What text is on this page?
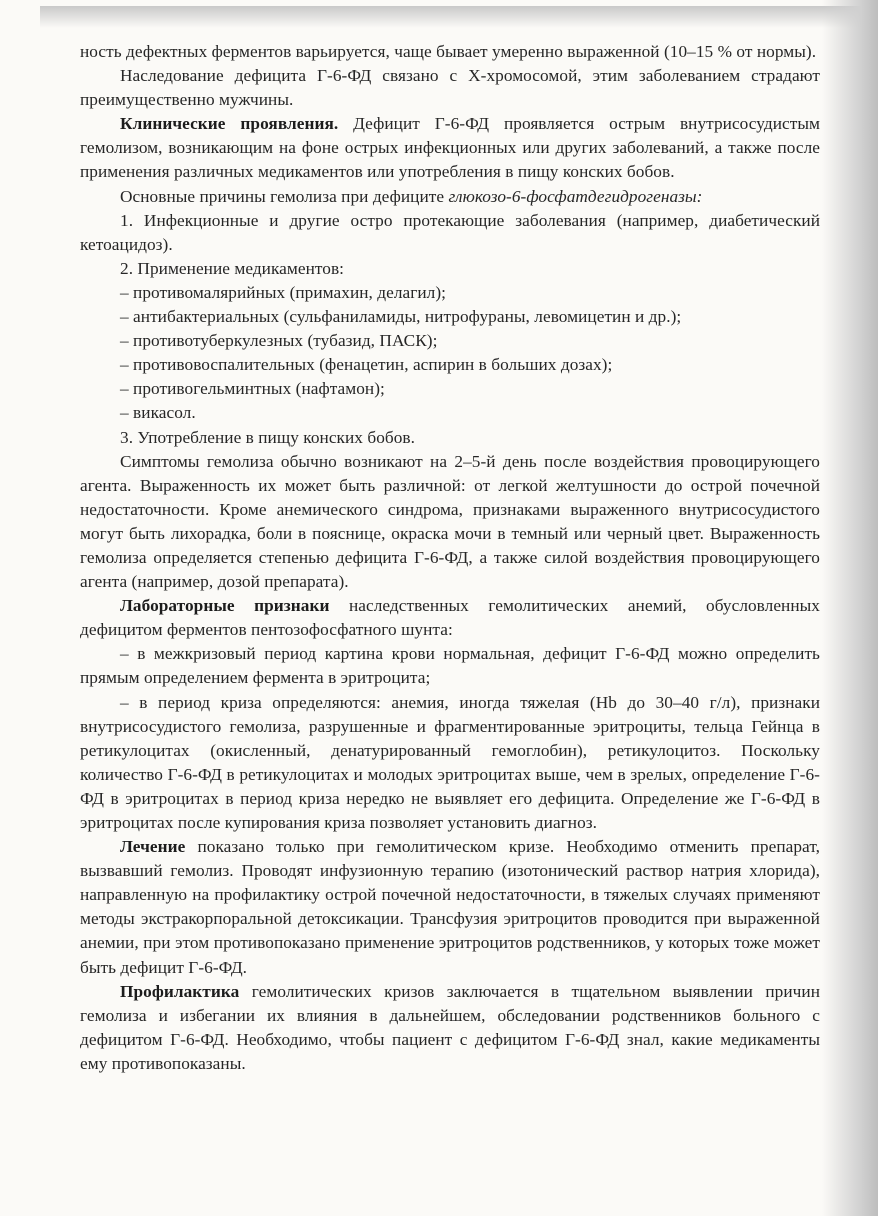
ность дефектных ферментов варьируется, чаще бывает умеренно выраженной (10–15 % от нормы).

Наследование дефицита Г-6-ФД связано с Х-хромосомой, этим заболеванием страдают преимущественно мужчины.

Клинические проявления. Дефицит Г-6-ФД проявляется острым внутрисосудистым гемолизом, возникающим на фоне острых инфекционных или других заболеваний, а также после применения различных медикаментов или употребления в пищу конских бобов.

Основные причины гемолиза при дефиците глюкозо-6-фосфатдегидрогеназы:

1. Инфекционные и другие остро протекающие заболевания (например, диабетический кетоацидоз).

2. Применение медикаментов:

– противомалярийных (примахин, делагил);

– антибактериальных (сульфаниламиды, нитрофураны, левомицетин и др.);

– противотуберкулезных (тубазид, ПАСК);

– противовоспалительных (фенацетин, аспирин в больших дозах);

– противогельминтных (нафтамон);

– викасол.

3. Употребление в пищу конских бобов.

Симптомы гемолиза обычно возникают на 2–5-й день после воздействия провоцирующего агента. Выраженность их может быть различной: от легкой желтушности до острой почечной недостаточности. Кроме анемического синдрома, признаками выраженного внутрисосудистого могут быть лихорадка, боли в пояснице, окраска мочи в темный или черный цвет. Выраженность гемолиза определяется степенью дефицита Г-6-ФД, а также силой воздействия провоцирующего агента (например, дозой препарата).

Лабораторные признаки наследственных гемолитических анемий, обусловленных дефицитом ферментов пентозофосфатного шунта:

– в межкризовый период картина крови нормальная, дефицит Г-6-ФД можно определить прямым определением фермента в эритроцита;

– в период криза определяются: анемия, иногда тяжелая (Hb до 30–40 г/л), признаки внутрисосудистого гемолиза, разрушенные и фрагментированные эритроциты, тельца Гейнца в ретикулоцитах (окисленный, денатурированный гемоглобин), ретикулоцитоз. Поскольку количество Г-6-ФД в ретикулоцитах и молодых эритроцитах выше, чем в зрелых, определение Г-6-ФД в эритроцитах в период криза нередко не выявляет его дефицита. Определение же Г-6-ФД в эритроцитах после купирования криза позволяет установить диагноз.

Лечение показано только при гемолитическом кризе. Необходимо отменить препарат, вызвавший гемолиз. Проводят инфузионную терапию (изотонический раствор натрия хлорида), направленную на профилактику острой почечной недостаточности, в тяжелых случаях применяют методы экстракорпоральной детоксикации. Трансфузия эритроцитов проводится при выраженной анемии, при этом противопоказано применение эритроцитов родственников, у которых тоже может быть дефицит Г-6-ФД.

Профилактика гемолитических кризов заключается в тщательном выявлении причин гемолиза и избегании их влияния в дальнейшем, обследовании родственников больного с дефицитом Г-6-ФД. Необходимо, чтобы пациент с дефицитом Г-6-ФД знал, какие медикаменты ему противопоказаны.
